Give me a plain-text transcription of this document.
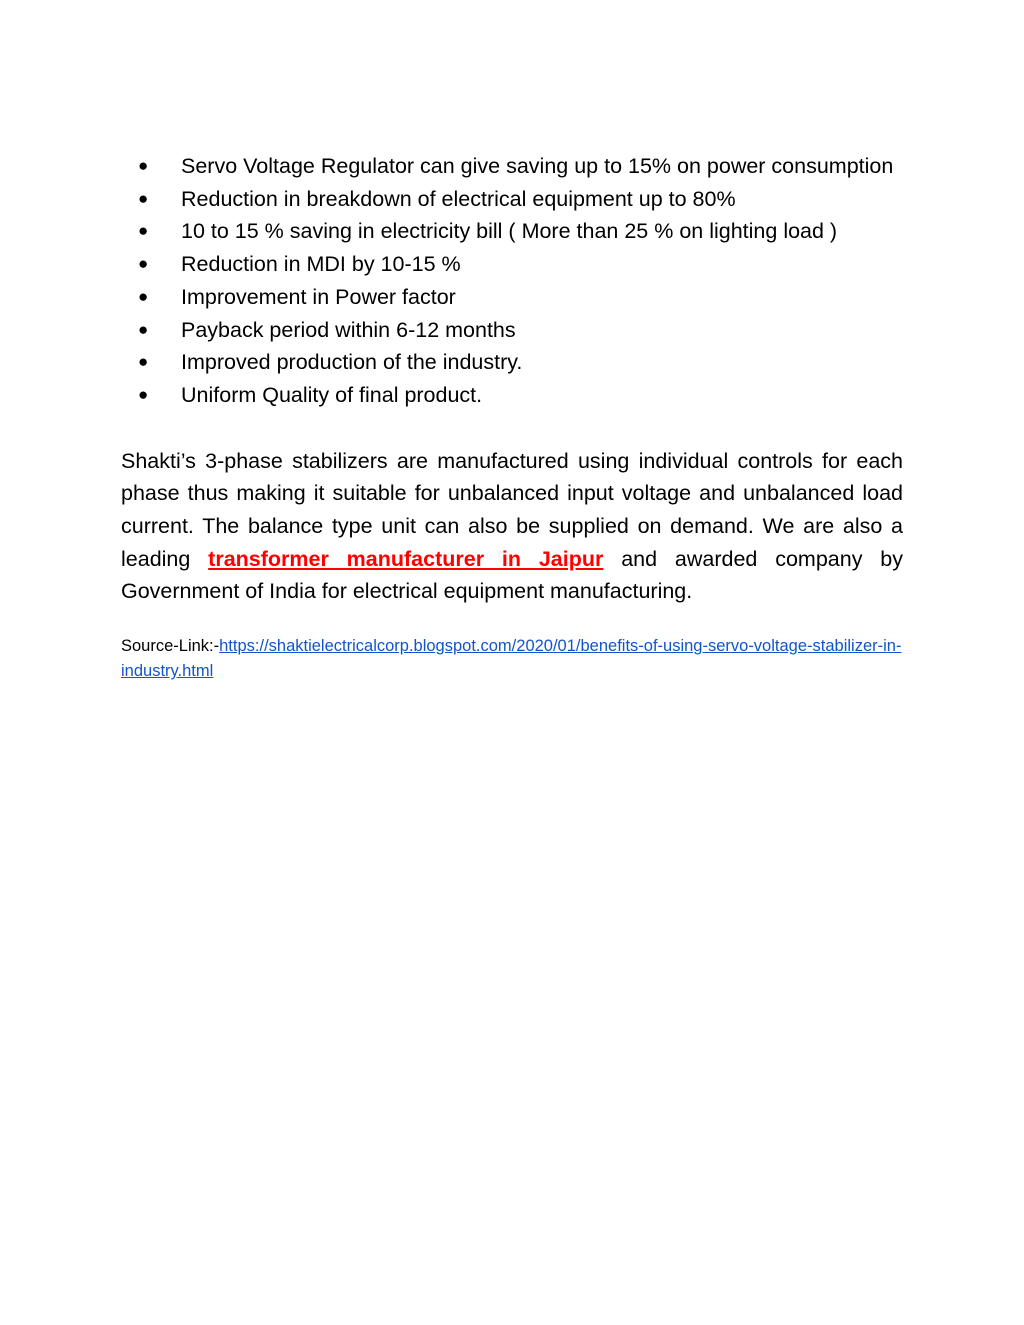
● Servo Voltage Regulator can give saving up to 15% on power consumption
● Reduction in breakdown of electrical equipment up to 80%
● 10 to 15 % saving in electricity bill ( More than 25 % on lighting load )
● Reduction in MDI by 10-15 %
● Improvement in Power factor
● Payback period within 6-12 months
● Improved production of the industry.
● Uniform Quality of final product.

Shakti’s 3-phase stabilizers are manufactured using individual controls for each phase thus making it suitable for unbalanced input voltage and unbalanced load current. The balance type unit can also be supplied on demand. We are also a leading transformer manufacturer in Jaipur and awarded company by Government of India for electrical equipment manufacturing.

Source-Link:-https://shaktielectricalcorp.blogspot.com/2020/01/benefits-of-using-servo-voltage-stabilizer-in-industry.html
